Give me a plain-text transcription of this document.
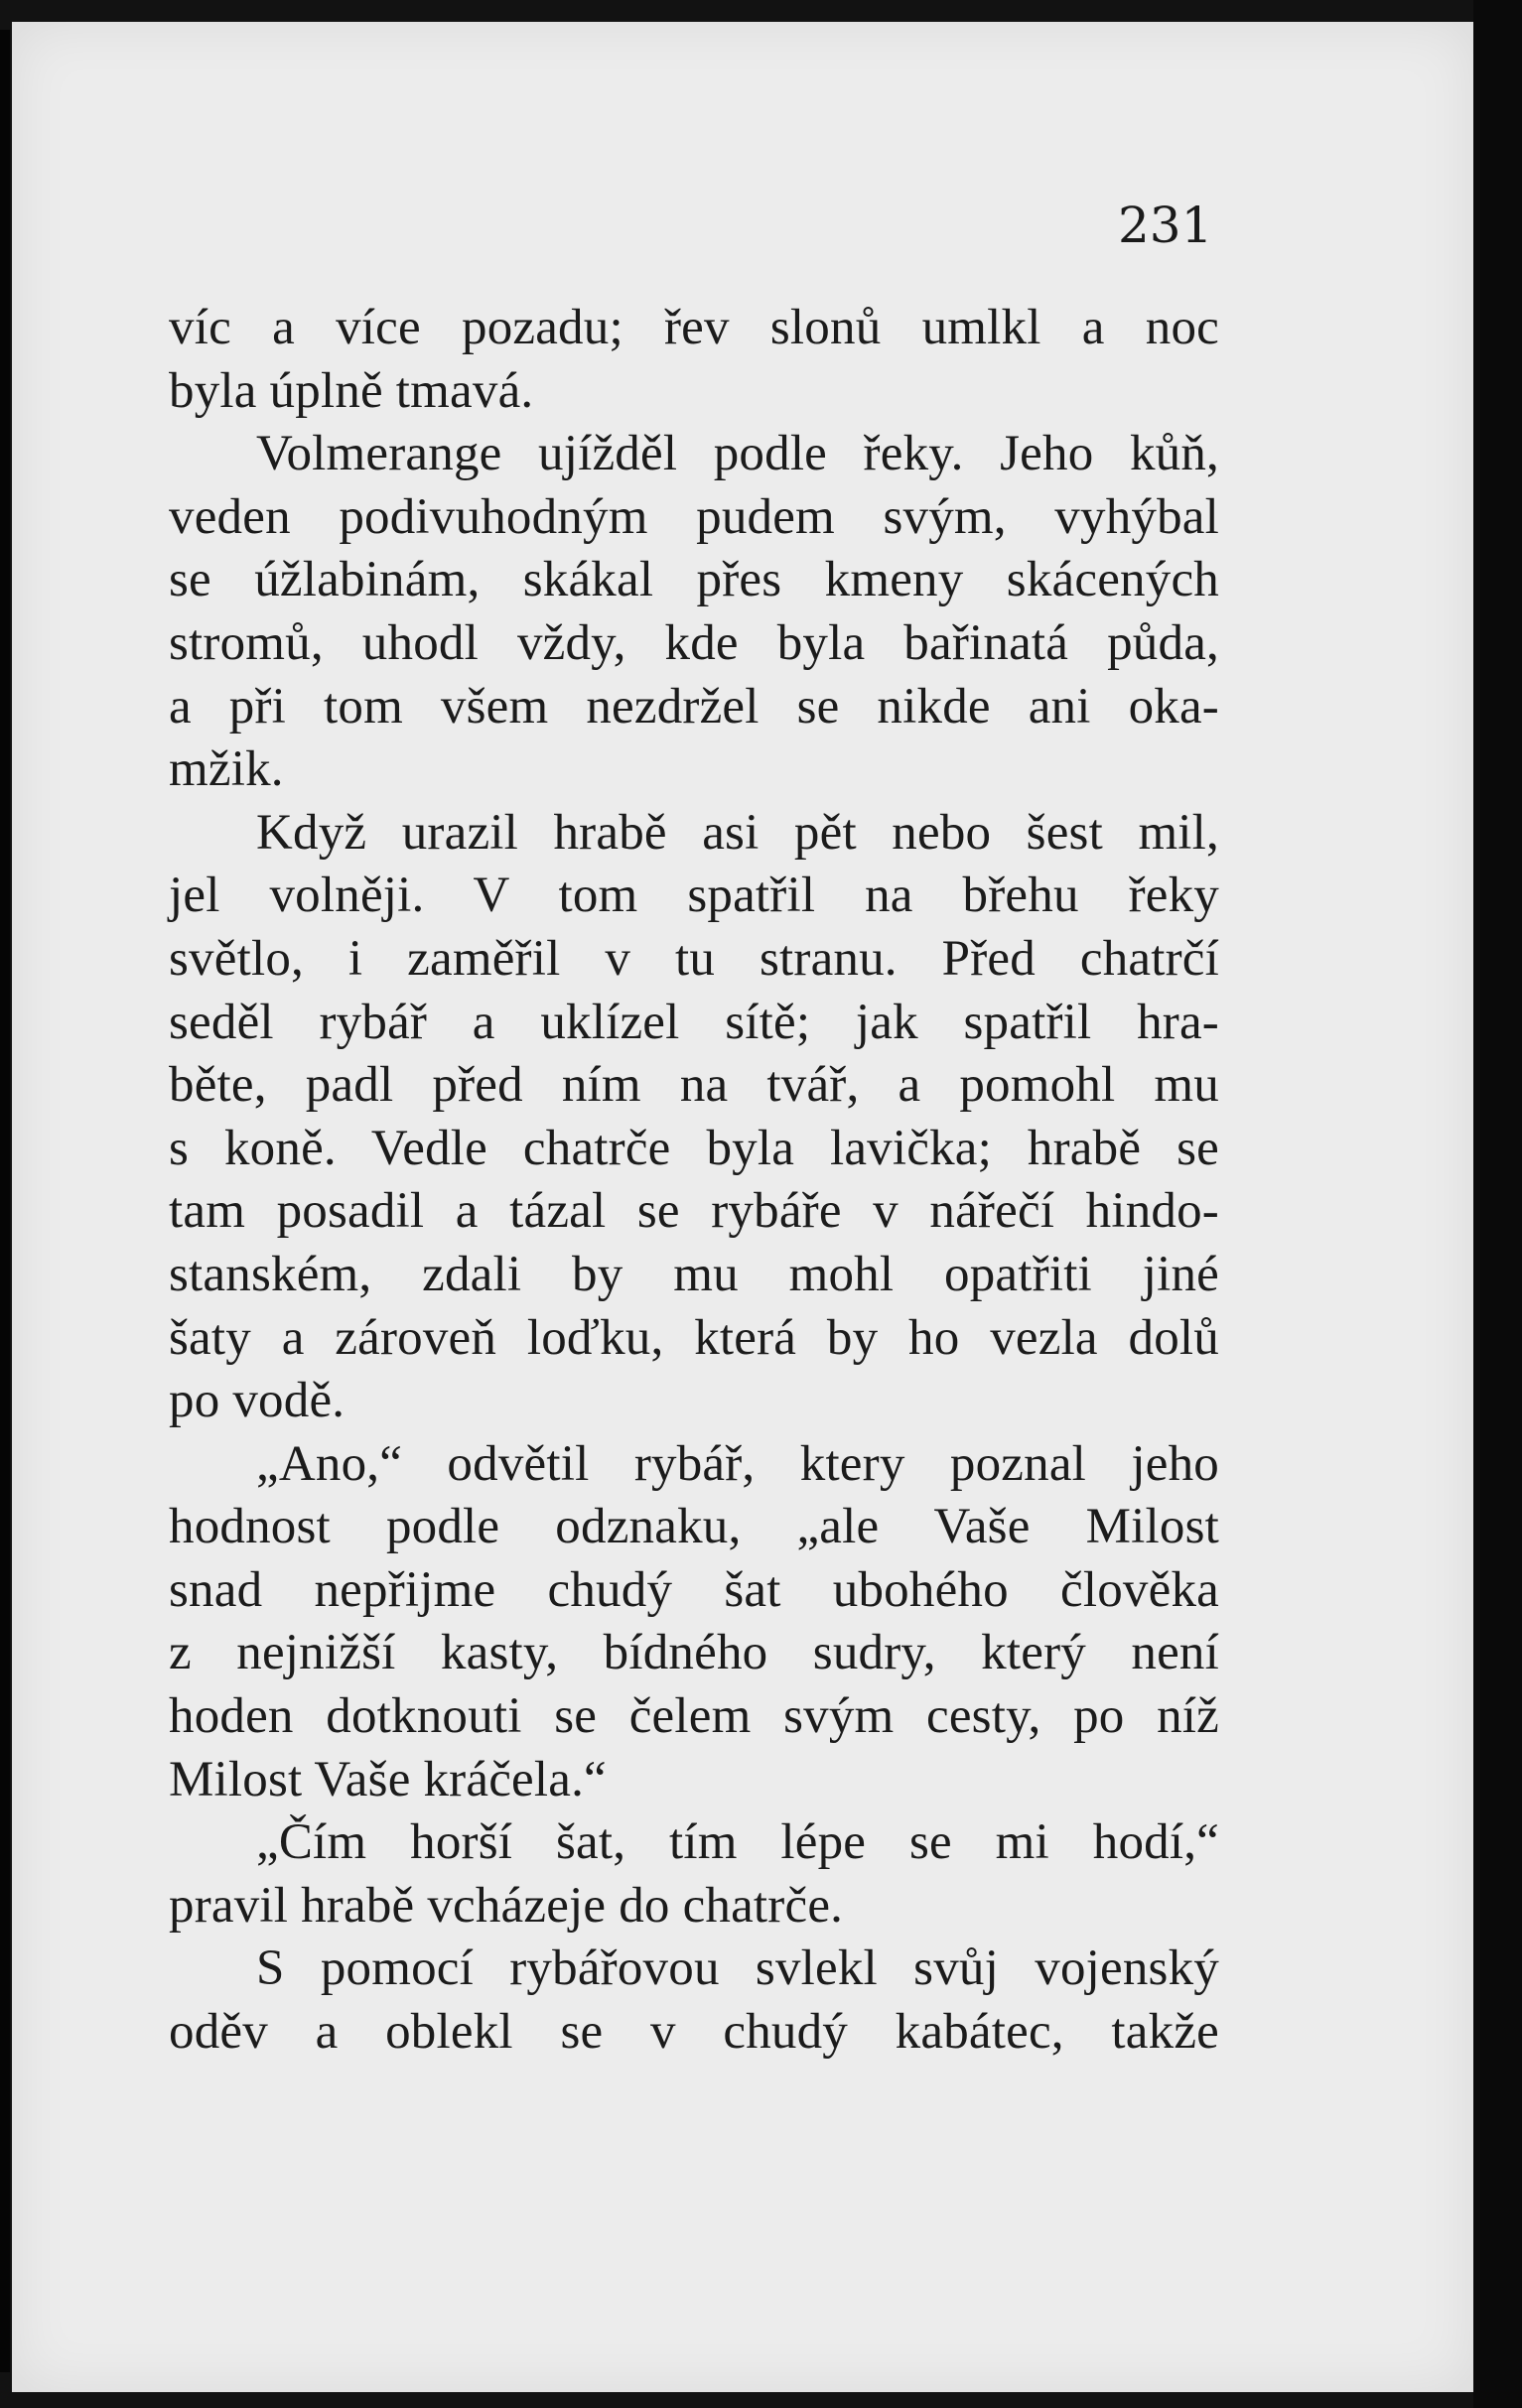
231
víc a více pozadu; řev slonů umlkl a noc
byla úplně tmavá.
Volmerange ujížděl podle řeky. Jeho kůň,
veden podivuhodným pudem svým, vyhýbal
se úžlabinám, skákal přes kmeny skácených
stromů, uhodl vždy, kde byla bařinatá půda,
a při tom všem nezdržel se nikde ani oka-
mžik.
Když urazil hrabě asi pět nebo šest mil,
jel volněji. V tom spatřil na břehu řeky
světlo, i zaměřil v tu stranu. Před chatrčí
seděl rybář a uklízel sítě; jak spatřil hra-
běte, padl před ním na tvář, a pomohl mu
s koně. Vedle chatrče byla lavička; hrabě se
tam posadil a tázal se rybáře v nářečí hindo-
stanském, zdali by mu mohl opatřiti jiné
šaty a zároveň loďku, která by ho vezla dolů
po vodě.
„Ano,“ odvětil rybář, ktery poznal jeho
hodnost podle odznaku, „ale Vaše Milost
snad nepřijme chudý šat ubohého člověka
z nejnižší kasty, bídného sudry, který není
hoden dotknouti se čelem svým cesty, po níž
Milost Vaše kráčela.“
„Čím horší šat, tím lépe se mi hodí,“
pravil hrabě vcházeje do chatrče.
S pomocí rybářovou svlekl svůj vojenský
oděv a oblekl se v chudý kabátec, takže
